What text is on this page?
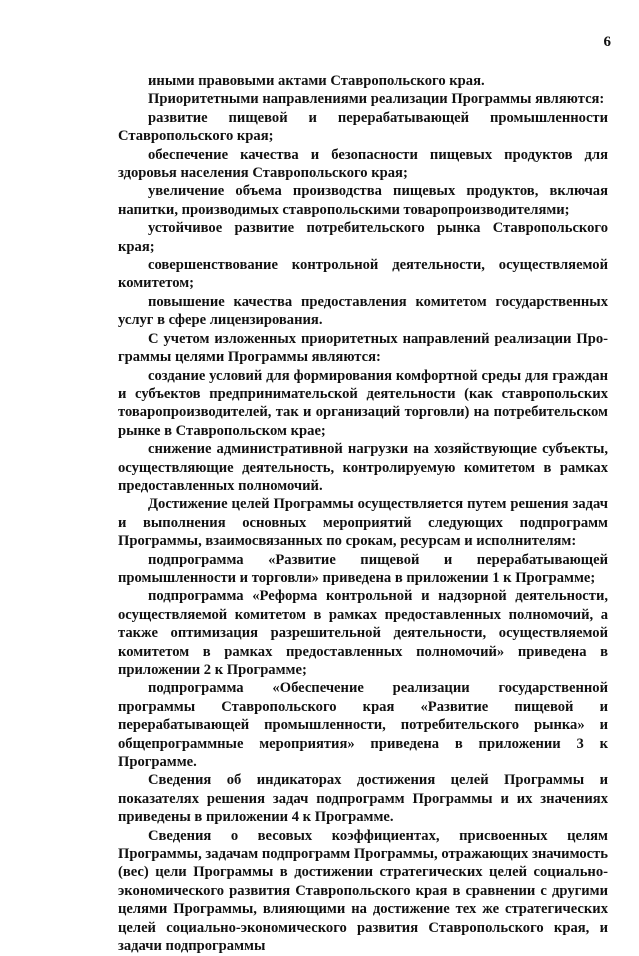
6

иными правовыми актами Ставропольского края.

Приоритетными направлениями реализации Программы являются:

развитие пищевой и перерабатывающей промышленности Ставропольского края;

обеспечение качества и безопасности пищевых продуктов для здоровья населения Ставропольского края;

увеличение объема производства пищевых продуктов, включая напитки, производимых ставропольскими товаропроизводителями;

устойчивое развитие потребительского рынка Ставропольского края;

совершенствование контрольной деятельности, осуществляемой комитетом;

повышение качества предоставления комитетом государственных услуг в сфере лицензирования.

С учетом изложенных приоритетных направлений реализации Программы целями Программы являются:

создание условий для формирования комфортной среды для граждан и субъектов предпринимательской деятельности (как ставропольских товаропроизводителей, так и организаций торговли) на потребительском рынке в Ставропольском крае;

снижение административной нагрузки на хозяйствующие субъекты, осуществляющие деятельность, контролируемую комитетом в рамках предоставленных полномочий.

Достижение целей Программы осуществляется путем решения задач и выполнения основных мероприятий следующих подпрограмм Программы, взаимосвязанных по срокам, ресурсам и исполнителям:

подпрограмма «Развитие пищевой и перерабатывающей промышленности и торговли» приведена в приложении 1 к Программе;

подпрограмма «Реформа контрольной и надзорной деятельности, осуществляемой комитетом в рамках предоставленных полномочий, а также оптимизация разрешительной деятельности, осуществляемой комитетом в рамках предоставленных полномочий» приведена в приложении 2 к Программе;

подпрограмма «Обеспечение реализации государственной программы Ставропольского края «Развитие пищевой и перерабатывающей промышленности, потребительского рынка» и общепрограммные мероприятия» приведена в приложении 3 к Программе.

Сведения об индикаторах достижения целей Программы и показателях решения задач подпрограмм Программы и их значениях приведены в приложении 4 к Программе.

Сведения о весовых коэффициентах, присвоенных целям Программы, задачам подпрограмм Программы, отражающих значимость (вес) цели Программы в достижении стратегических целей социально-экономического развития Ставропольского края в сравнении с другими целями Программы, влияющими на достижение тех же стратегических целей социально-экономического развития Ставропольского края, и задачи подпрограммы
